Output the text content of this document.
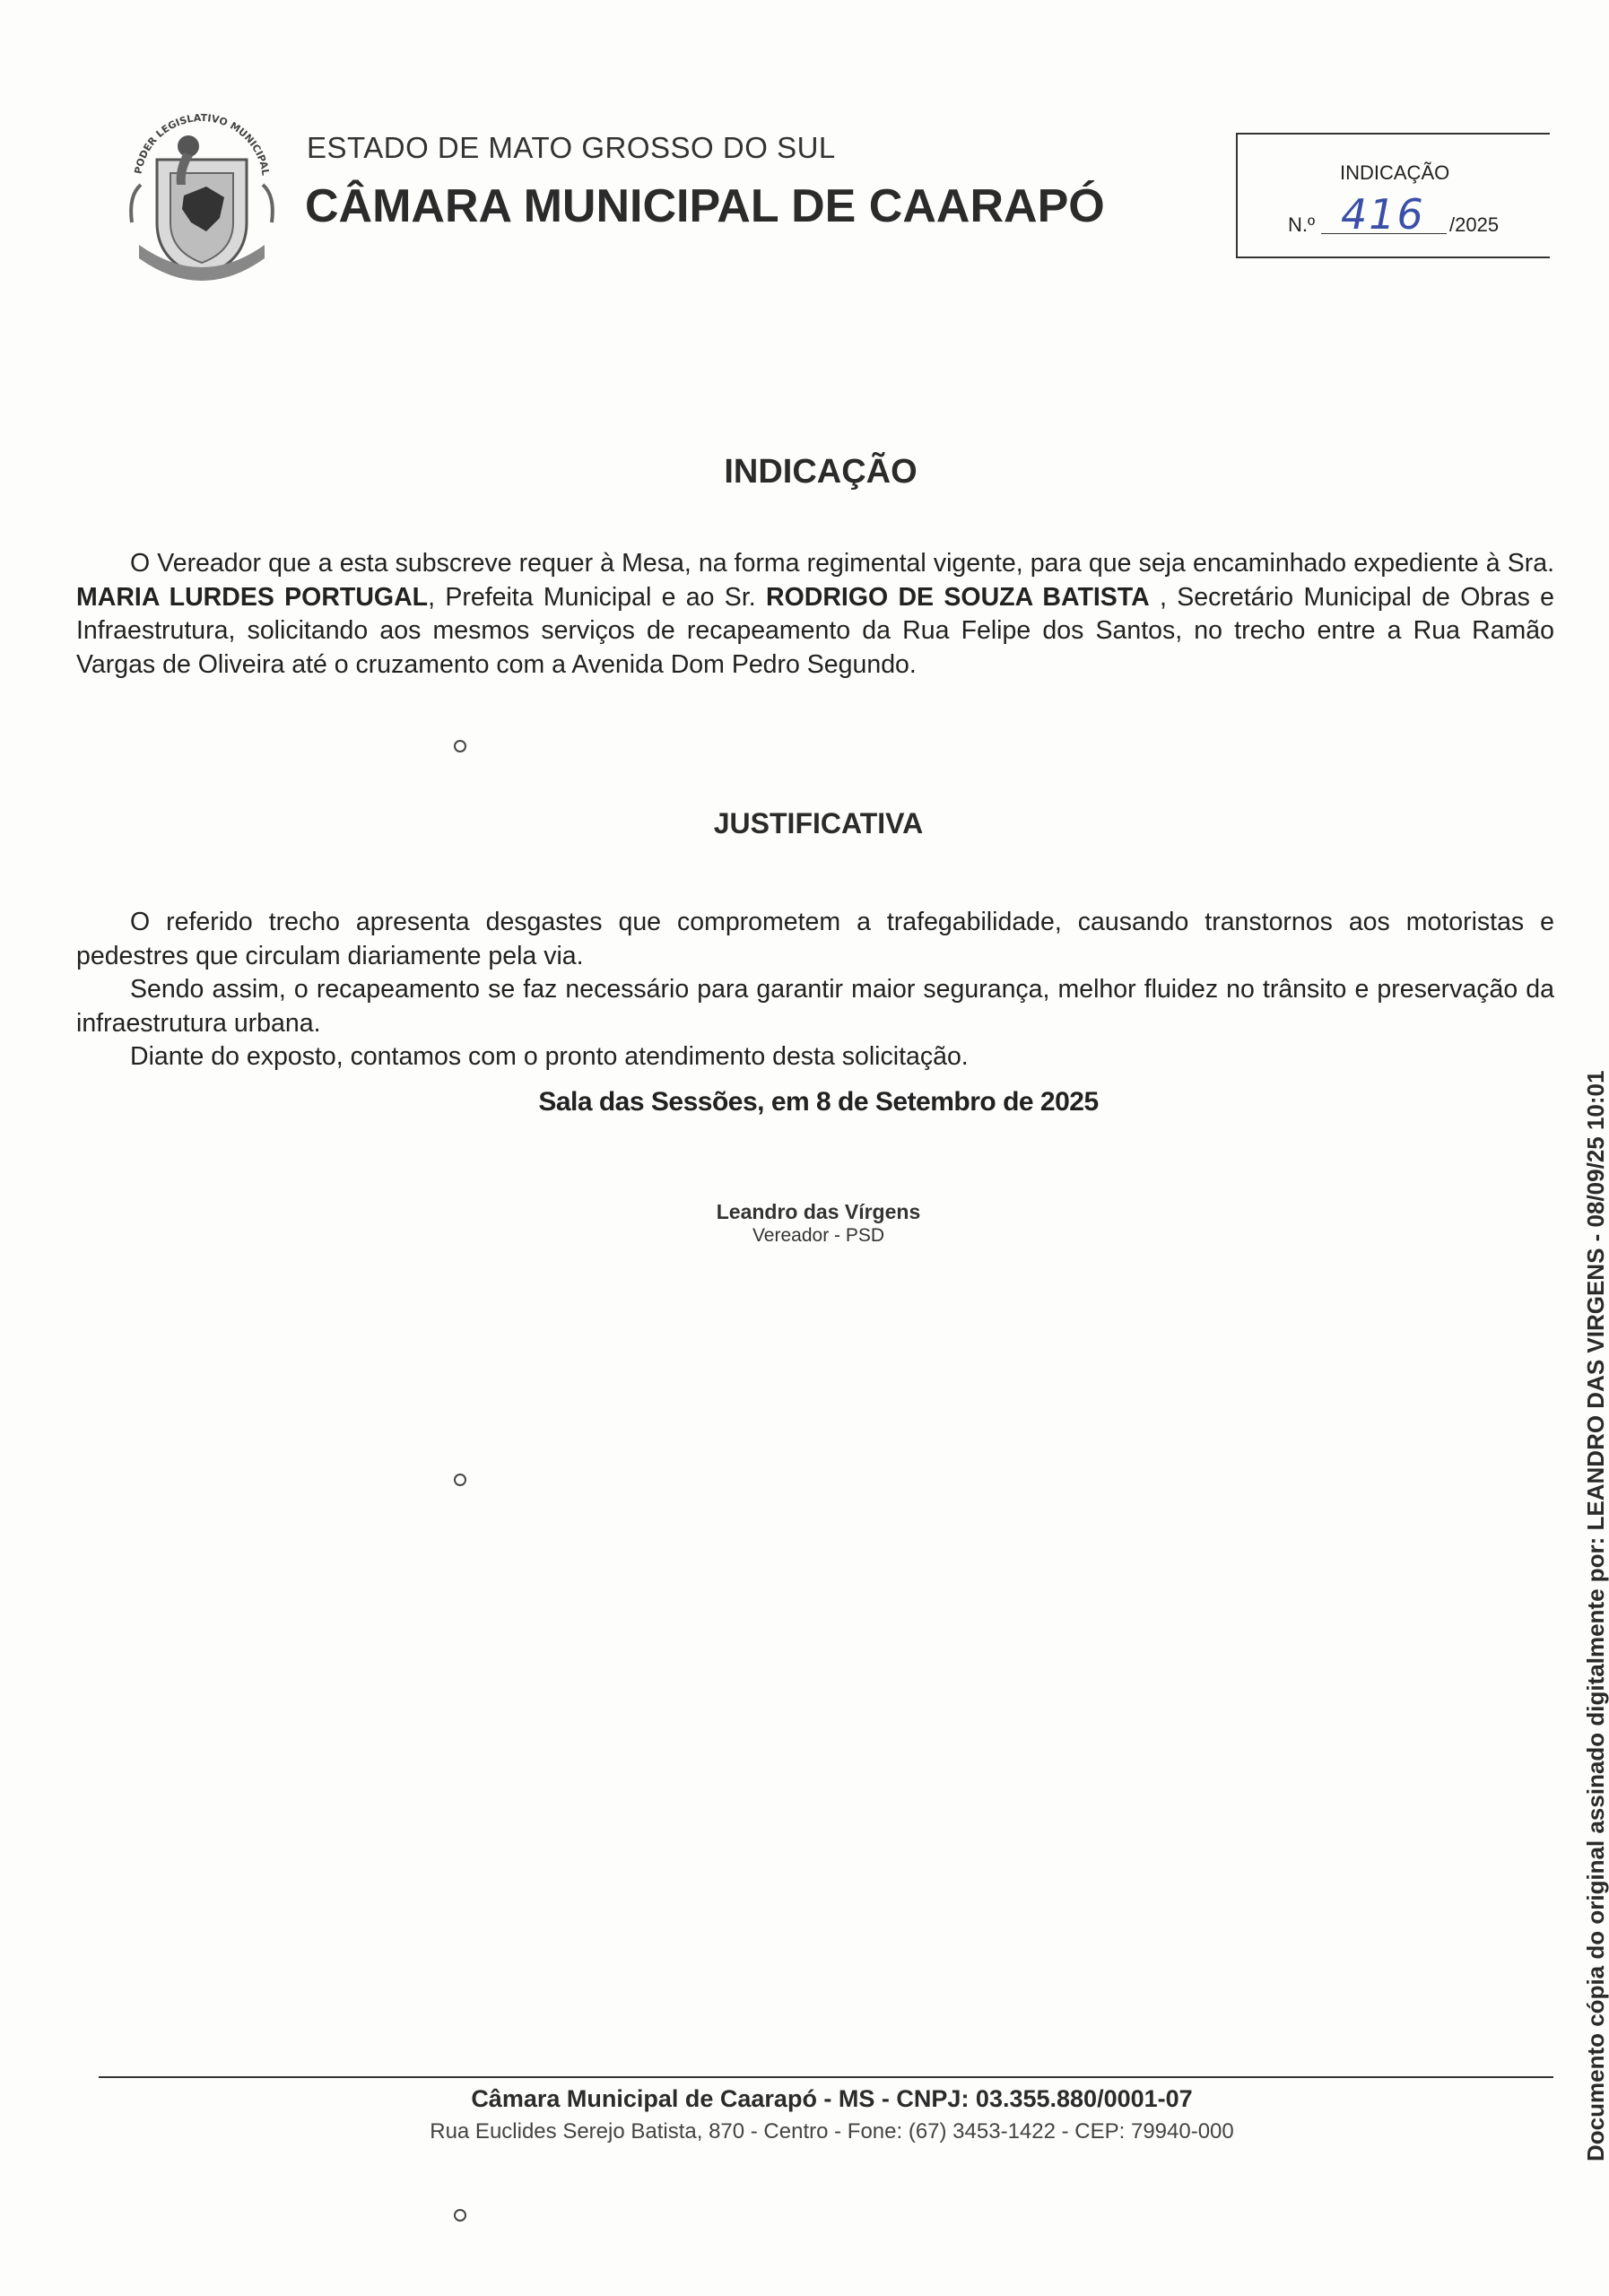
PODER LEGISLATIVO MUNICIPAL
ESTADO DE MATO GROSSO DO SUL
CÂMARA MUNICIPAL DE CAARAPÓ
INDICAÇÃO
N.º 416 /2025
INDICAÇÃO
O Vereador que a esta subscreve requer à Mesa, na forma regimental vigente, para que seja encaminhado expediente à Sra. MARIA LURDES PORTUGAL, Prefeita Municipal e ao Sr. RODRIGO DE SOUZA BATISTA , Secretário Municipal de Obras e Infraestrutura, solicitando aos mesmos serviços de recapeamento da Rua Felipe dos Santos, no trecho entre a Rua Ramão Vargas de Oliveira até o cruzamento com a Avenida Dom Pedro Segundo.
JUSTIFICATIVA
O referido trecho apresenta desgastes que comprometem a trafegabilidade, causando transtornos aos motoristas e pedestres que circulam diariamente pela via.
Sendo assim, o recapeamento se faz necessário para garantir maior segurança, melhor fluidez no trânsito e preservação da infraestrutura urbana.
Diante do exposto, contamos com o pronto atendimento desta solicitação.
Sala das Sessões, em 8 de Setembro de 2025
Leandro das Vírgens
Vereador - PSD
Câmara Municipal de Caarapó - MS - CNPJ: 03.355.880/0001-07
Rua Euclides Serejo Batista, 870 - Centro - Fone: (67) 3453-1422 - CEP: 79940-000	Documento cópia do original assinado digitalmente por: LEANDRO DAS VIRGENS - 08/09/25 10:01
